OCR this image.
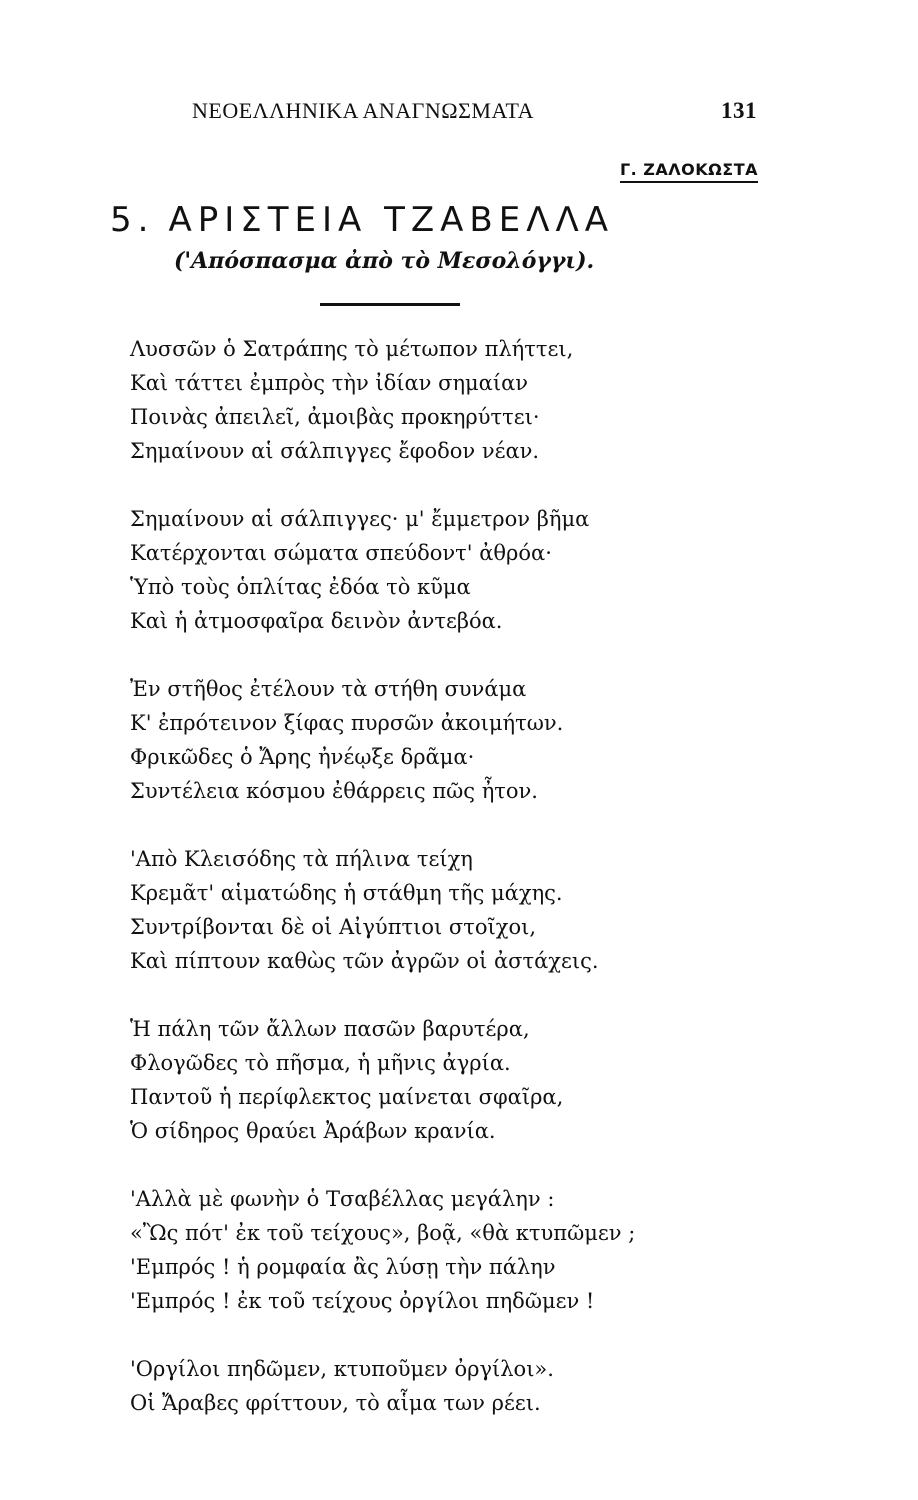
ΝΕΟΕΛΛΗΝΙΚΑ ΑΝΑΓΝΩΣΜΑΤΑ	131
Γ. ΖΑΛΟΚΩΣΤΑ
5. ΑΡΙΣΤΕΙΑ ΤΖΑΒΕΛΛΑ
('Απόσπασμα ἀπὸ τὸ Μεσολόγγι).
Λυσσῶν ὁ Σατράπης τὸ μέτωπον πλήττει,
Καὶ τάττει ἐμπρὸς τὴν ἰδίαν σημαίαν
Ποινὰς ἀπειλεῖ, ἀμοιβὰς προκηρύττει·
Σημαίνουν αἱ σάλπιγγες ἔφοδον νέαν.
Σημαίνουν αἱ σάλπιγγες· μ' ἔμμετρον βῆμα
Κατέρχονται σώματα σπεύδοντ' ἀθρόα·
Ὑπὸ τοὺς ὁπλίτας ἐδόα τὸ κῦμα
Καὶ ἡ ἀτμοσφαῖρα δεινὸν ἀντεβόα.
Ἐν στῆθος ἐτέλουν τὰ στήθη συνάμα
Κ' ἐπρότεινον ξίφας πυρσῶν ἀκοιμήτων.
Φρικῶδες ὁ Ἄρης ἠνέῳξε δρᾶμα·
Συντέλεια κόσμου ἐθάρρεις πῶς ἦτον.
'Απὸ Κλεισόδης τὰ πήλινα τείχη
Κρεμᾶτ' αἱματώδης ἡ στάθμη τῆς μάχης.
Συντρίβονται δὲ οἱ Αἰγύπτιοι στοῖχοι,
Καὶ πίπτουν καθὼς τῶν ἀγρῶν οἱ ἀστάχεις.
Ἡ πάλη τῶν ἄλλων πασῶν βαρυτέρα,
Φλογῶδες τὸ πῆσμα, ἡ μῆνις ἀγρία.
Παντοῦ ἡ περίφλεκτος μαίνεται σφαῖρα,
Ὁ σίδηρος θραύει Ἀράβων κρανία.
'Αλλὰ μὲ φωνὴν ὁ Τσαβέλλας μεγάλην :
«Ὢς πότ' ἐκ τοῦ τείχους», βοᾷ, «θὰ κτυπῶμεν ;
'Εμπρός ! ἡ ρομφαία ἂς λύσῃ τὴν πάλην
'Εμπρός ! ἐκ τοῦ τείχους ὀργίλοι πηδῶμεν !
'Οργίλοι πηδῶμεν, κτυποῦμεν ὀργίλοι».
Οἱ Ἄραβες φρίττουν, τὸ αἷμα των ρέει.
